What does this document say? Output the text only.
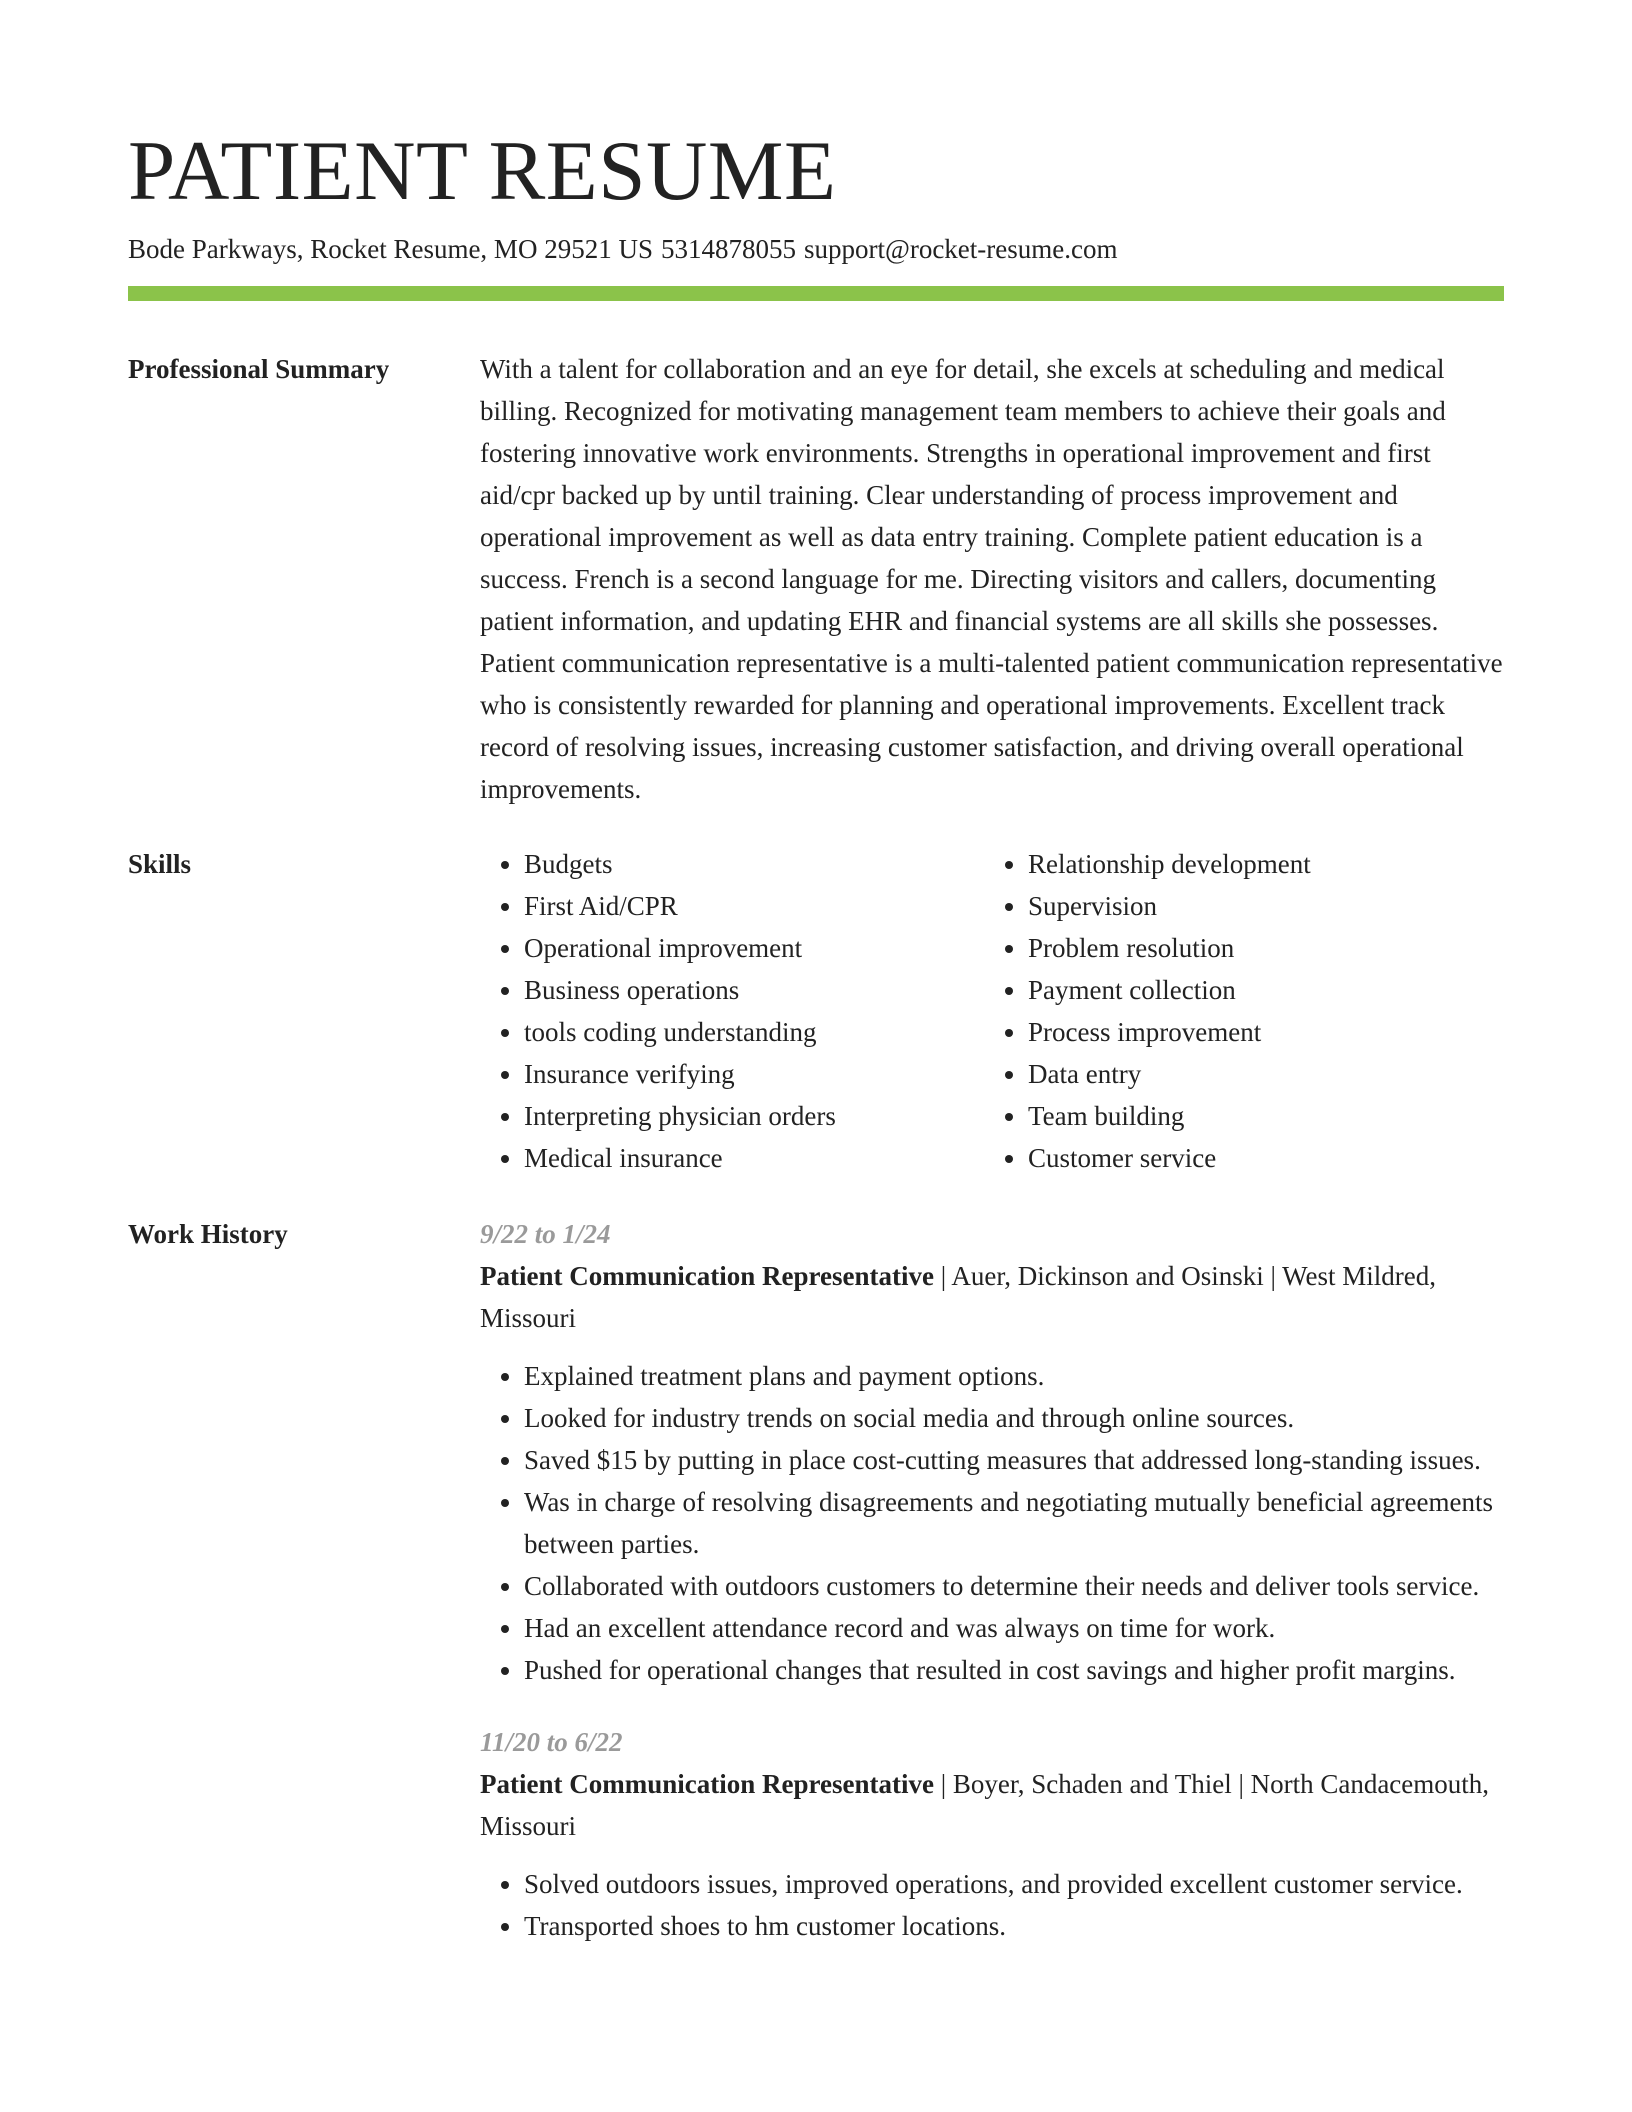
PATIENT RESUME
Bode Parkways, Rocket Resume, MO 29521 US 5314878055 support@rocket-resume.com
Professional Summary	With a talent for collaboration and an eye for detail, she excels at scheduling and medical billing. Recognized for motivating management team members to achieve their goals and fostering innovative work environments. Strengths in operational improvement and first aid/cpr backed up by until training. Clear understanding of process improvement and operational improvement as well as data entry training. Complete patient education is a success. French is a second language for me. Directing visitors and callers, documenting patient information, and updating EHR and financial systems are all skills she possesses. Patient communication representative is a multi-talented patient communication representative who is consistently rewarded for planning and operational improvements. Excellent track record of resolving issues, increasing customer satisfaction, and driving overall operational improvements.

Skills
•	Budgets
• First Aid/CPR
• Operational improvement
• Business operations
• tools coding understanding
• Insurance verifying
• Interpreting physician orders
• Medical insurance
• Relationship development
• Supervision
• Problem resolution
• Payment collection
• Process improvement
• Data entry
• Team building
• Customer service
Work History	9/22 to 1/24
Patient Communication Representative | Auer, Dickinson and Osinski | West Mildred, Missouri
• Explained treatment plans and payment options.
• Looked for industry trends on social media and through online sources.
• Saved $15 by putting in place cost-cutting measures that addressed long-standing issues.
• Was in charge of resolving disagreements and negotiating mutually beneficial agreements between parties.
• Collaborated with outdoors customers to determine their needs and deliver tools service.
• Had an excellent attendance record and was always on time for work.
• Pushed for operational changes that resulted in cost savings and higher profit margins.
11/20 to 6/22
Patient Communication Representative | Boyer, Schaden and Thiel | North Candacemouth, Missouri
• Solved outdoors issues, improved operations, and provided excellent customer service.
• Transported shoes to hm customer locations.
